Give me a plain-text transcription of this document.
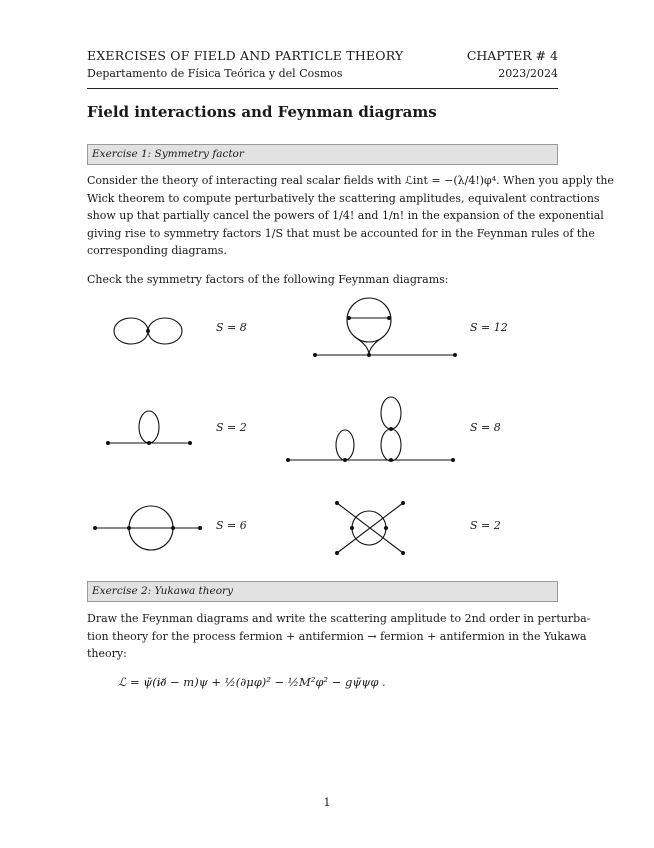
EXERCISES OF FIELD AND PARTICLE THEORY
Departamento de Física Teórica y del Cosmos
CHAPTER # 4
2023/2024
Field interactions and Feynman diagrams
Exercise 1: Symmetry factor
Consider the theory of interacting real scalar fields with ℒint = −(λ/4!)φ⁴. When you apply the
Wick theorem to compute perturbatively the scattering amplitudes, equivalent contractions
show up that partially cancel the powers of 1/4! and 1/n! in the expansion of the exponential
giving rise to symmetry factors 1/S that must be accounted for in the Feynman rules of the
corresponding diagrams.
Check the symmetry factors of the following Feynman diagrams:
S = 8	S = 12
S = 2	S = 8
S = 6	S = 2
Exercise 2: Yukawa theory
Draw the Feynman diagrams and write the scattering amplitude to 2nd order in perturba-
tion theory for the process fermion + antifermion → fermion + antifermion in the Yukawa
theory:
ℒ = ψ̄(i∂̸ − m)ψ + ½(∂μφ)² − ½M²φ² − gψ̄ψφ .
1
